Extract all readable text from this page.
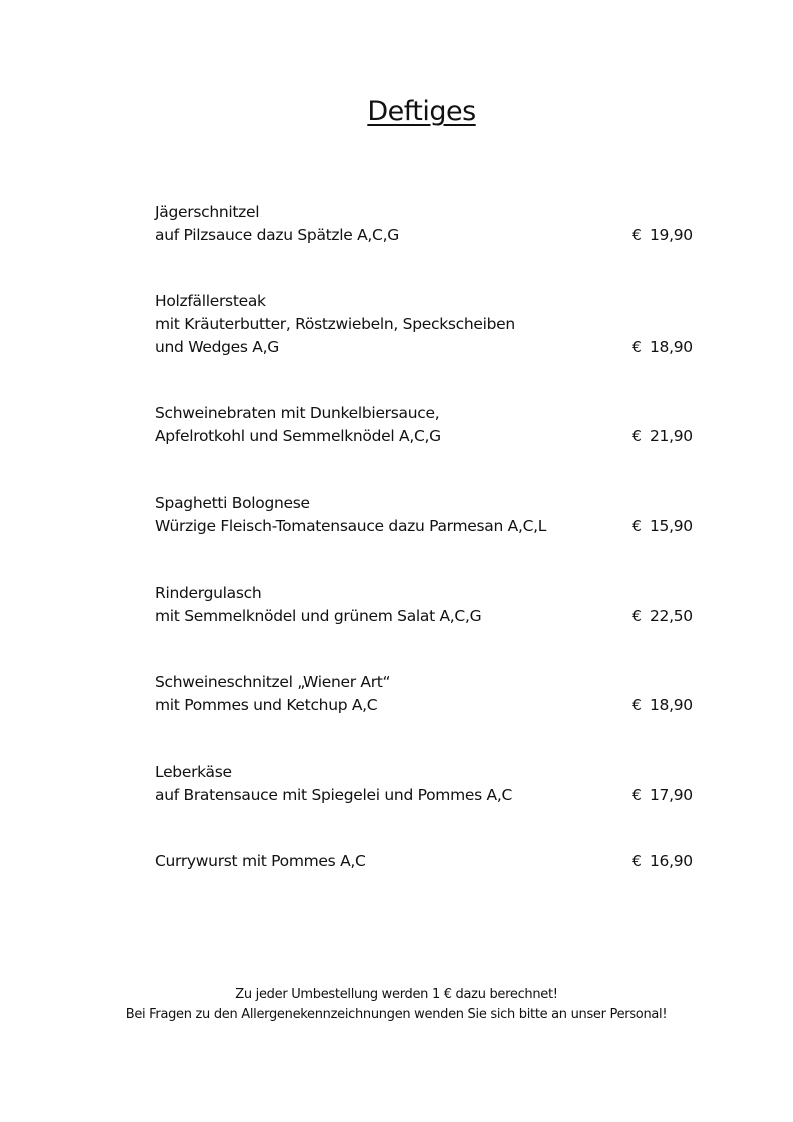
Deftiges
Jägerschnitzel
auf Pilzsauce dazu Spätzle A,C,G	€ 19,90
Holzfällersteak
mit Kräuterbutter, Röstzwiebeln, Speckscheiben
und Wedges A,G	€ 18,90
Schweinebraten mit Dunkelbiersauce,
Apfelrotkohl und Semmelknödel A,C,G	€ 21,90
Spaghetti Bolognese
Würzige Fleisch-Tomatensauce dazu Parmesan A,C,L	€ 15,90
Rindergulasch
mit Semmelknödel und grünem Salat A,C,G	€ 22,50
Schweineschnitzel „Wiener Art“
mit Pommes und Ketchup A,C	€ 18,90
Leberkäse
auf Bratensauce mit Spiegelei und Pommes A,C	€ 17,90
Currywurst mit Pommes A,C	€ 16,90
Zu jeder Umbestellung werden 1 € dazu berechnet!
Bei Fragen zu den Allergenekennzeichnungen wenden Sie sich bitte an unser Personal!
